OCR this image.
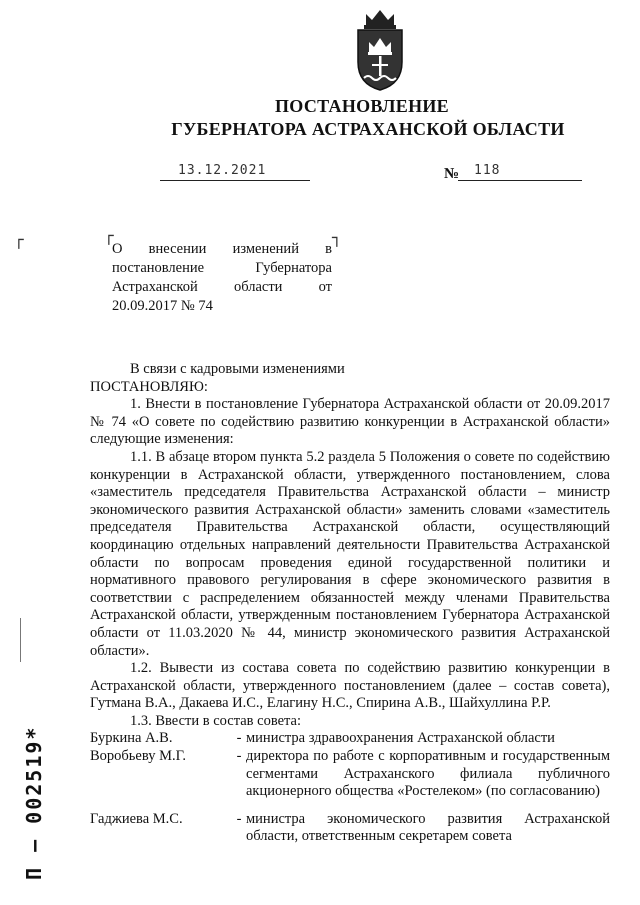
ПОСТАНОВЛЕНИЕ
ГУБЕРНАТОРА АСТРАХАНСКОЙ ОБЛАСТИ
13.12.2021	№ 118
┌	┌	┐
О внесении изменений в постановление Губернатора Астраханской области от 20.09.2017 № 74

В связи с кадровыми изменениями

ПОСТАНОВЛЯЮ:

1. Внести в постановление Губернатора Астраханской области от 20.09.2017 № 74 «О совете по содействию развитию конкуренции в Астраханской области» следующие изменения:

1.1. В абзаце втором пункта 5.2 раздела 5 Положения о совете по содействию конкуренции в Астраханской области, утвержденного постановлением, слова «заместитель председателя Правительства Астраханской области – министр экономического развития Астраханской области» заменить словами «заместитель председателя Правительства Астраханской области, осуществляющий координацию отдельных направлений деятельности Правительства Астраханской области по вопросам проведения единой государственной политики и нормативного правового регулирования в сфере экономического развития в соответствии с распределением обязанностей между членами Правительства Астраханской области, утвержденным постановлением Губернатора Астраханской области от 11.03.2020 № 44, министр экономического развития Астраханской области».

1.2. Вывести из состава совета по содействию развитию конкуренции в Астраханской области, утвержденного постановлением (далее – состав совета), Гутмана В.А., Дакаева И.С., Елагину Н.С., Спирина А.В., Шайхуллина Р.Р.

1.3. Ввести в состав совета:

Буркина А.В.	- министра здравоохранения Астраханской области
Воробьеву М.Г.	- директора по работе с корпоративным и государственным сегментами Астраханского филиала публичного акционерного общества «Ростелеком» (по согласованию)
Гаджиева М.С.	- министра экономического развития Астраханской области, ответственным секретарем совета
П – 002519*
